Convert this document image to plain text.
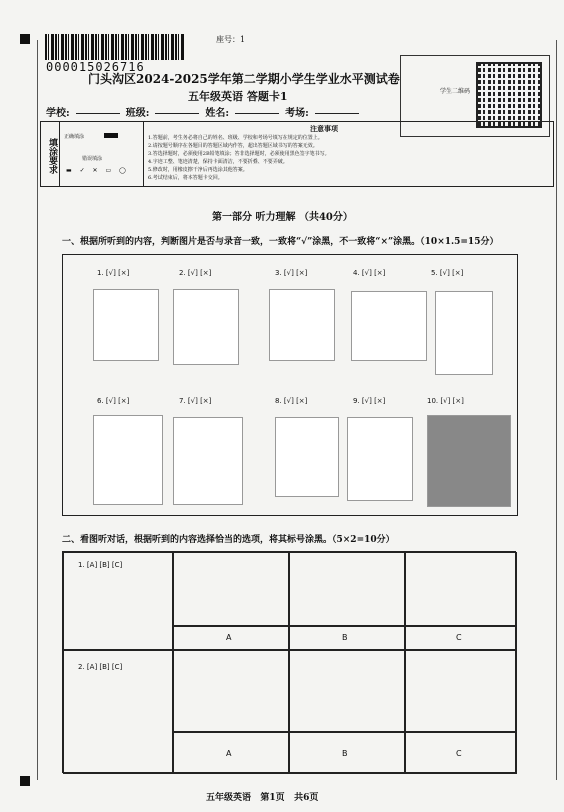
000015026716
座号：1
门头沟区2024-2025学年第二学期小学生学业水平测试卷
五年级英语 答题卡1	学生二维码
学校:	班级:	姓名:	考场:
填涂要求
正确填涂
错误填涂
▬ ✓ ✕ ▭ ◯
注意事项
1.答题前，考生务必将自己的姓名、班级、学校和考场号填写在规定的位置上。
2.请按题号顺序在各题目的答题区域内作答，超出答题区域书写的答案无效。
3.答选择题时，必须使用2B铅笔填涂；答非选择题时，必须使用黑色签字笔书写。
4.字迹工整、笔迹清楚，保持卡面清洁，不要折叠、不要弄破。
5.修改时，用橡皮擦干净后再选涂其他答案。
6.考试结束后，将本答题卡交回。
第一部分 听力理解 （共40分）
一、根据所听到的内容，判断图片是否与录音一致，一致将“√”涂黑，不一致将“×”涂黑。（10×1.5=15分）
1. [√] [×]	2. [√] [×]	3. [√] [×]	4. [√] [×]	5. [√] [×]
6. [√] [×]	7. [√] [×]	8. [√] [×]	9. [√] [×]	10. [√] [×]
二、看图听对话，根据听到的内容选择恰当的选项，将其标号涂黑。（5×2=10分）
1. [A] [B] [C]
A	B	C
2. [A] [B] [C]
A	B	C
五年级英语 第1页 共6页
